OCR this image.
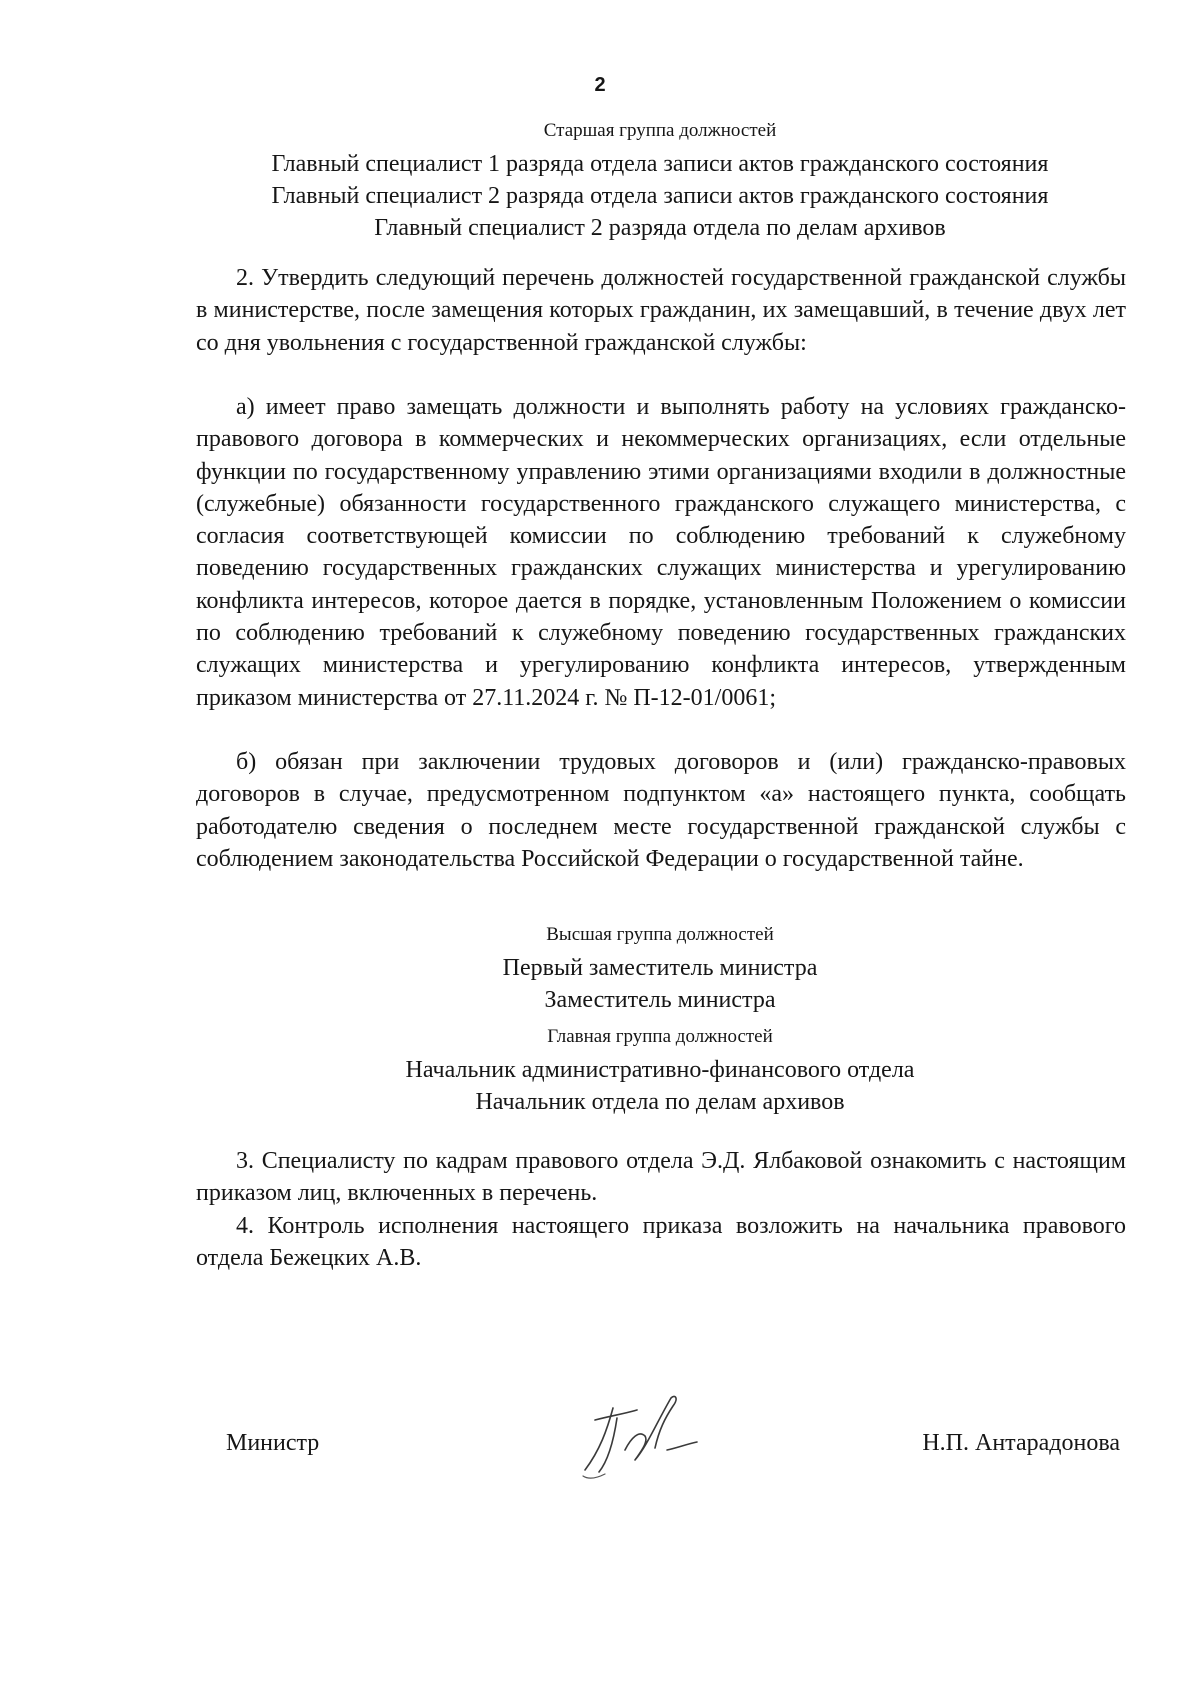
2
Старшая группа должностей
Главный специалист 1 разряда отдела записи актов гражданского состояния
Главный специалист 2 разряда отдела записи актов гражданского состояния
Главный специалист 2 разряда отдела по делам архивов

2. Утвердить следующий перечень должностей государственной гражданской службы в министерстве, после замещения которых гражданин, их замещавший, в течение двух лет со дня увольнения с государственной гражданской службы:

а) имеет право замещать должности и выполнять работу на условиях гражданско-правового договора в коммерческих и некоммерческих организациях, если отдельные функции по государственному управлению этими организациями входили в должностные (служебные) обязанности государственного гражданского служащего министерства, с согласия соответствующей комиссии по соблюдению требований к служебному поведению государственных гражданских служащих министерства и урегулированию конфликта интересов, которое дается в порядке, установленным Положением о комиссии по соблюдению требований к служебному поведению государственных гражданских служащих министерства и урегулированию конфликта интересов, утвержденным приказом министерства от 27.11.2024 г. № П-12-01/0061;

б) обязан при заключении трудовых договоров и (или) гражданско-правовых договоров в случае, предусмотренном подпунктом «а» настоящего пункта, сообщать работодателю сведения о последнем месте государственной гражданской службы с соблюдением законодательства Российской Федерации о государственной тайне.

Высшая группа должностей
Первый заместитель министра
Заместитель министра
Главная группа должностей
Начальник административно-финансового отдела
Начальник отдела по делам архивов

3. Специалисту по кадрам правового отдела Э.Д. Ялбаковой ознакомить с настоящим приказом лиц, включенных в перечень.

4. Контроль исполнения настоящего приказа возложить на начальника правового отдела Бежецких А.В.

Министр	Н.П. Антарадонова
